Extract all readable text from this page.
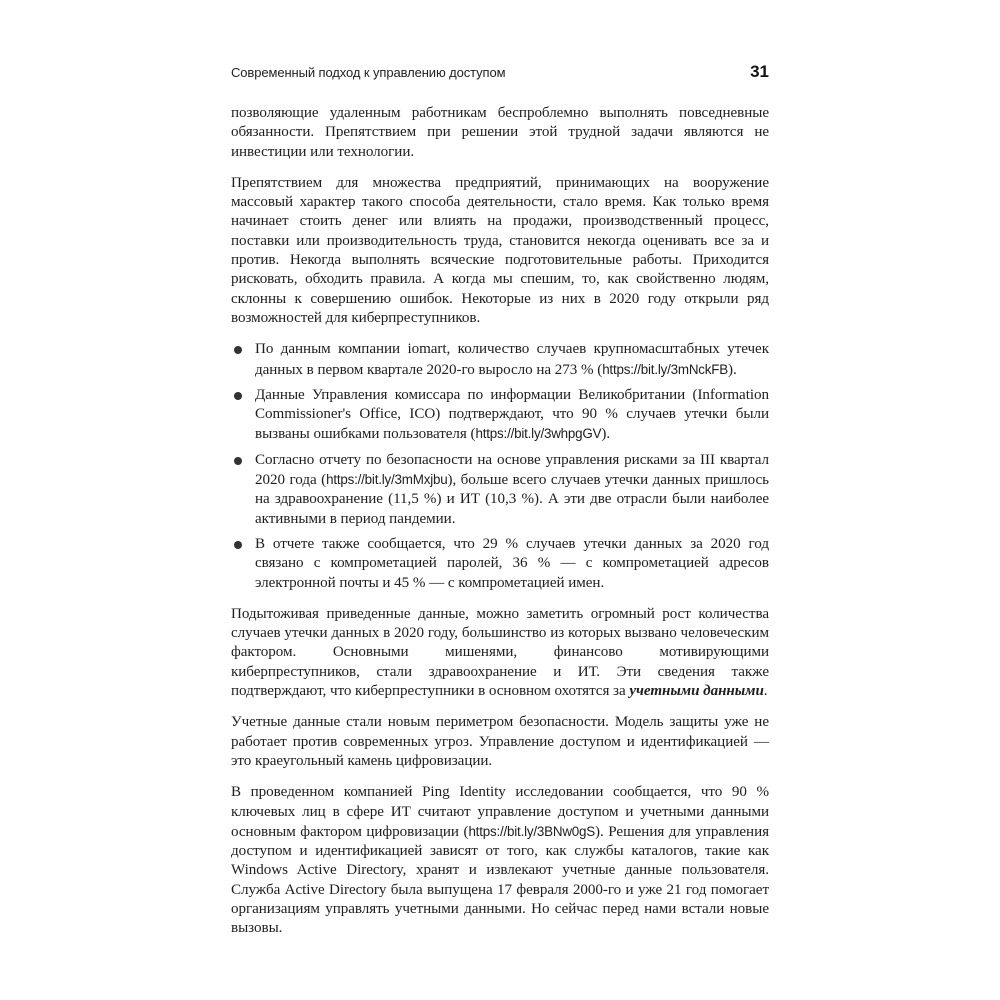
Современный подход к управлению доступом	31

позволяющие удаленным работникам беспроблемно выполнять повседневные обязанности. Препятствием при решении этой трудной задачи являются не инвестиции или технологии.

Препятствием для множества предприятий, принимающих на вооружение массовый характер такого способа деятельности, стало время. Как только время начинает стоить денег или влиять на продажи, производственный процесс, поставки или производительность труда, становится некогда оценивать все за и против. Некогда выполнять всяческие подготовительные работы. Приходится рисковать, обходить правила. А когда мы спешим, то, как свойственно людям, склонны к совершению ошибок. Некоторые из них в 2020 году открыли ряд возможностей для киберпреступников.

По данным компании iomart, количество случаев крупномасштабных утечек данных в первом квартале 2020-го выросло на 273 % (https://bit.ly/3mNckFB).
Данные Управления комиссара по информации Великобритании (Information Commissioner's Office, ICO) подтверждают, что 90 % случаев утечки были вызваны ошибками пользователя (https://bit.ly/3whpgGV).
Согласно отчету по безопасности на основе управления рисками за III квартал 2020 года (https://bit.ly/3mMxjbu), больше всего случаев утечки данных пришлось на здравоохранение (11,5 %) и ИТ (10,3 %). А эти две отрасли были наиболее активными в период пандемии.
В отчете также сообщается, что 29 % случаев утечки данных за 2020 год связано с компрометацией паролей, 36 % — с компрометацией адресов электронной почты и 45 % — с компрометацией имен.

Подытоживая приведенные данные, можно заметить огромный рост количества случаев утечки данных в 2020 году, большинство из которых вызвано человеческим фактором. Основными мишенями, финансово мотивирующими киберпреступников, стали здравоохранение и ИТ. Эти сведения также подтверждают, что киберпреступники в основном охотятся за учетными данными.

Учетные данные стали новым периметром безопасности. Модель защиты уже не работает против современных угроз. Управление доступом и идентификацией — это краеугольный камень цифровизации.

В проведенном компанией Ping Identity исследовании сообщается, что 90 % ключевых лиц в сфере ИТ считают управление доступом и учетными данными основным фактором цифровизации (https://bit.ly/3BNw0gS). Решения для управления доступом и идентификацией зависят от того, как службы каталогов, такие как Windows Active Directory, хранят и извлекают учетные данные пользователя. Служба Active Directory была выпущена 17 февраля 2000-го и уже 21 год помогает организациям управлять учетными данными. Но сейчас перед нами встали новые вызовы.
